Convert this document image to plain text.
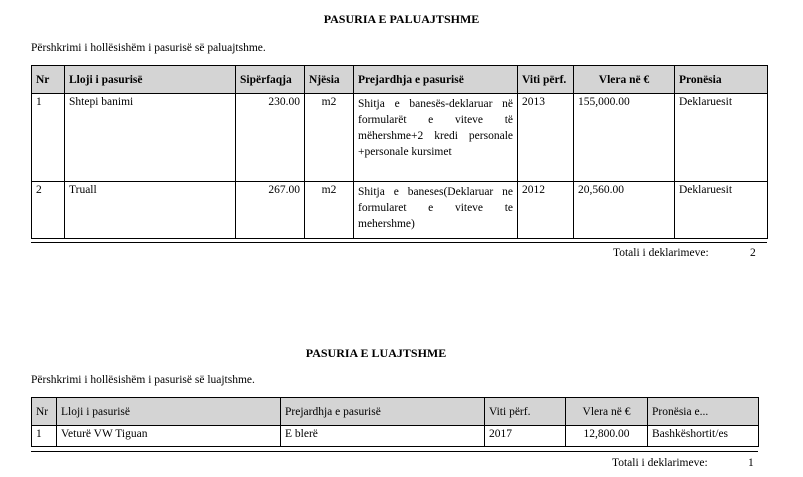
PASURIA E PALUAJTSHME
Përshkrimi i hollësishëm i pasurisë së paluajtshme.
Nr	Lloji i pasurisë	Sipërfaqja	Njësia	Prejardhja e pasurisë	Viti përf.	Vlera në €	Pronësia
1	Shtepi banimi	230.00	m2	Shitja e banesës-deklaruar në formularët e viteve të mëhershme+2 kredi personale +personale kursimet	2013	155,000.00	Deklaruesit
2	Truall	267.00	m2	Shitja e baneses(Deklaruar ne formularet e viteve te mehershme)	2012	20,560.00	Deklaruesit
Totali i deklarimeve:	2
PASURIA E LUAJTSHME
Përshkrimi i hollësishëm i pasurisë së luajtshme.
Nr	Lloji i pasurisë	Prejardhja e pasurisë	Viti përf.	Vlera në €	Pronësia e...
1	Veturë VW Tiguan	E blerë	2017	12,800.00	Bashkëshortit/es
Totali i deklarimeve:	1
